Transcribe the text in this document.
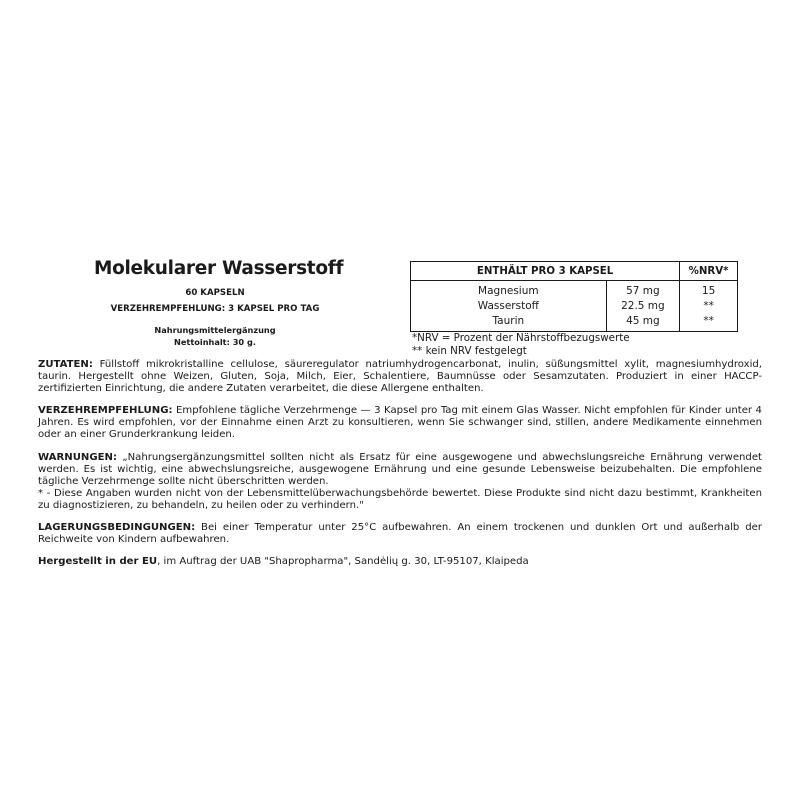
Molekularer Wasserstoff
60 KAPSELN
VERZEHREMPFEHLUNG: 3 KAPSEL PRO TAG
Nahrungsmittelergänzung
Nettoinhalt: 30 g.
ENTHÄLT PRO 3 KAPSEL		%NRV*
Magnesium	57 mg	15
Wasserstoff	22.5 mg	**
Taurin	45 mg	**
*NRV = Prozent der Nährstoffbezugswerte
** kein NRV festgelegt

ZUTATEN: Füllstoff mikrokristalline cellulose, säureregulator natriumhydrogencarbonat, inulin, süßungsmittel xylit, magnesiumhydroxid, taurin. Hergestellt ohne Weizen, Gluten, Soja, Milch, Eier, Schalentiere, Baumnüsse oder Sesamzutaten. Produziert in einer HACCP-zertifizierten Einrichtung, die andere Zutaten verarbeitet, die diese Allergene enthalten.

VERZEHREMPFEHLUNG: Empfohlene tägliche Verzehrmenge — 3 Kapsel pro Tag mit einem Glas Wasser. Nicht empfohlen für Kinder unter 4 Jahren. Es wird empfohlen, vor der Einnahme einen Arzt zu konsultieren, wenn Sie schwanger sind, stillen, andere Medikamente einnehmen oder an einer Grunderkrankung leiden.

WARNUNGEN: „Nahrungsergänzungsmittel sollten nicht als Ersatz für eine ausgewogene und abwechslungsreiche Ernährung verwendet werden. Es ist wichtig, eine abwechslungsreiche, ausgewogene Ernährung und eine gesunde Lebensweise beizubehalten. Die empfohlene tägliche Verzehrmenge sollte nicht überschritten werden.
* - Diese Angaben wurden nicht von der Lebensmittelüberwachungsbehörde bewertet. Diese Produkte sind nicht dazu bestimmt, Krankheiten zu diagnostizieren, zu behandeln, zu heilen oder zu verhindern."

LAGERUNGSBEDINGUNGEN: Bei einer Temperatur unter 25°C aufbewahren. An einem trockenen und dunklen Ort und außerhalb der Reichweite von Kindern aufbewahren.

Hergestellt in der EU, im Auftrag der UAB "Shapropharma", Sandėlių g. 30, LT-95107, Klaipeda
